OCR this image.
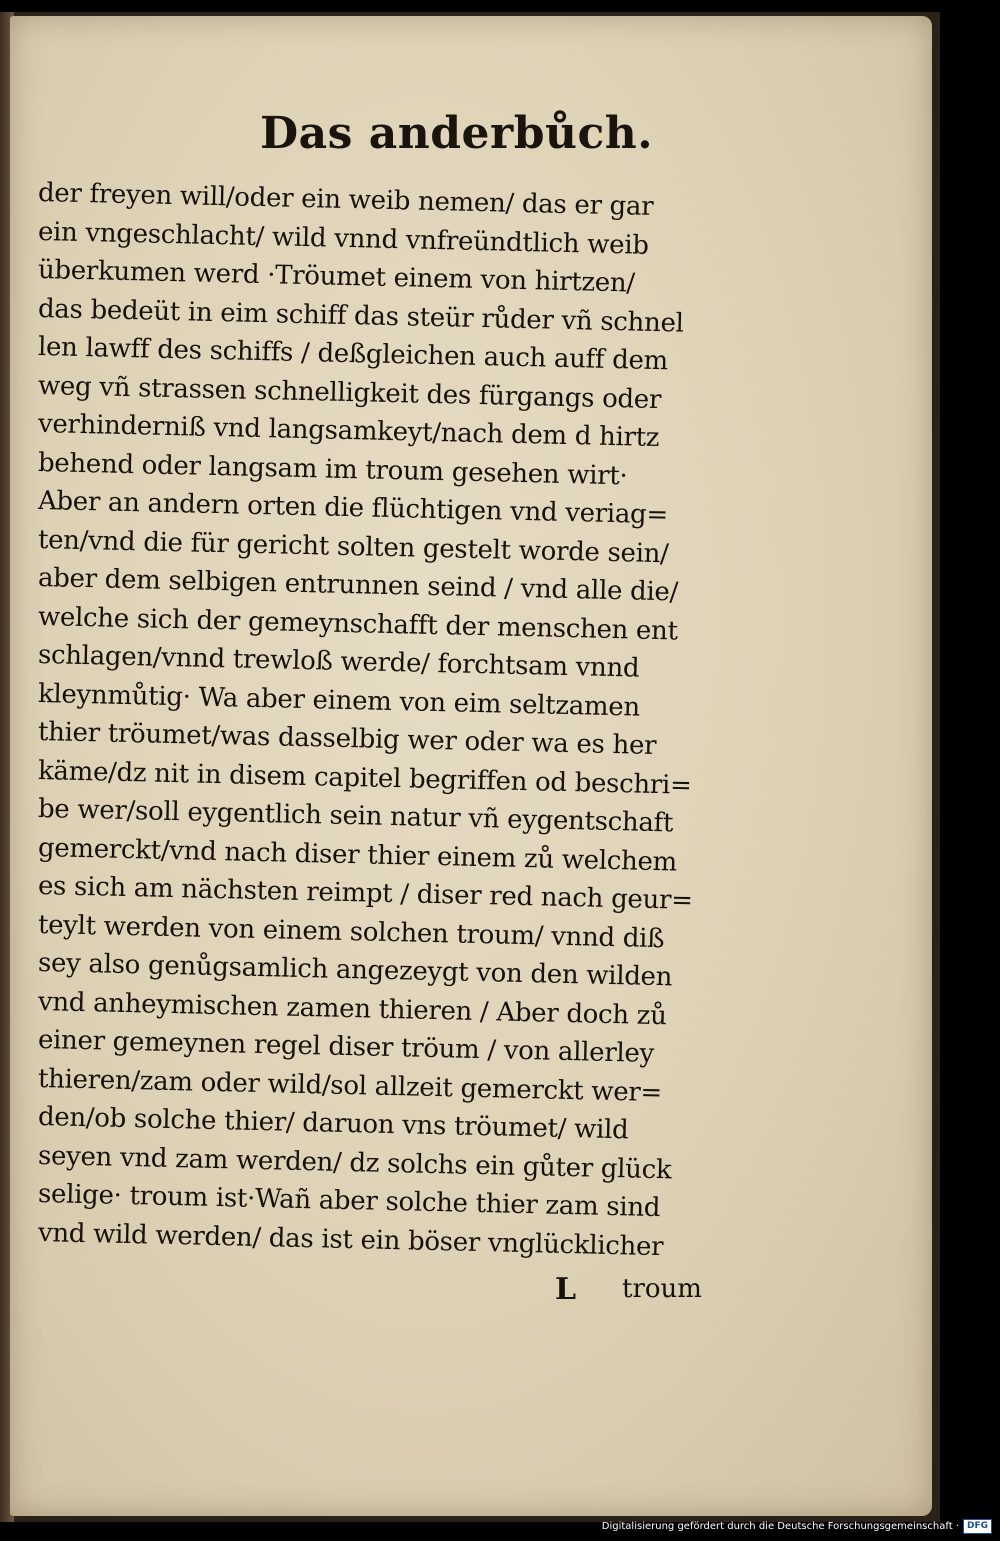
Das anderbůch.
der freyen will/oder ein weib nemen/ das er gar
ein vngeschlacht/ wild vnnd vnfreündtlich weib
überkumen werd ·Tröumet einem von hirtzen/
das bedeüt in eim schiff das steür růder vñ schnel
len lawff des schiffs / deßgleichen auch auff dem
weg vñ strassen schnelligkeit des fürgangs oder
verhinderniß vnd langsamkeyt/nach dem d hirtz
behend oder langsam im troum gesehen wirt·
Aber an andern orten die flüchtigen vnd veriag=
ten/vnd die für gericht solten gestelt worde sein/
aber dem selbigen entrunnen seind / vnd alle die/
welche sich der gemeynschafft der menschen ent
schlagen/vnnd trewloß werde/ forchtsam vnnd
kleynmůtig· Wa aber einem von eim seltzamen
thier tröumet/was dasselbig wer oder wa es her
käme/dz nit in disem capitel begriffen od beschri=
be wer/soll eygentlich sein natur vñ eygentschaft
gemerckt/vnd nach diser thier einem zů welchem
es sich am nächsten reimpt / diser red nach geur=
teylt werden von einem solchen troum/ vnnd diß
sey also genůgsamlich angezeygt von den wilden
vnd anheymischen zamen thieren / Aber doch zů
einer gemeynen regel diser tröum / von allerley
thieren/zam oder wild/sol allzeit gemerckt wer=
den/ob solche thier/ daruon vns tröumet/ wild
seyen vnd zam werden/ dz solchs ein gůter glück
selige· troum ist·Wañ aber solche thier zam sind
vnd wild werden/ das ist ein böser vnglücklicher
L troum
Digitalisierung gefördert durch die Deutsche Forschungsgemeinschaft · DFG
